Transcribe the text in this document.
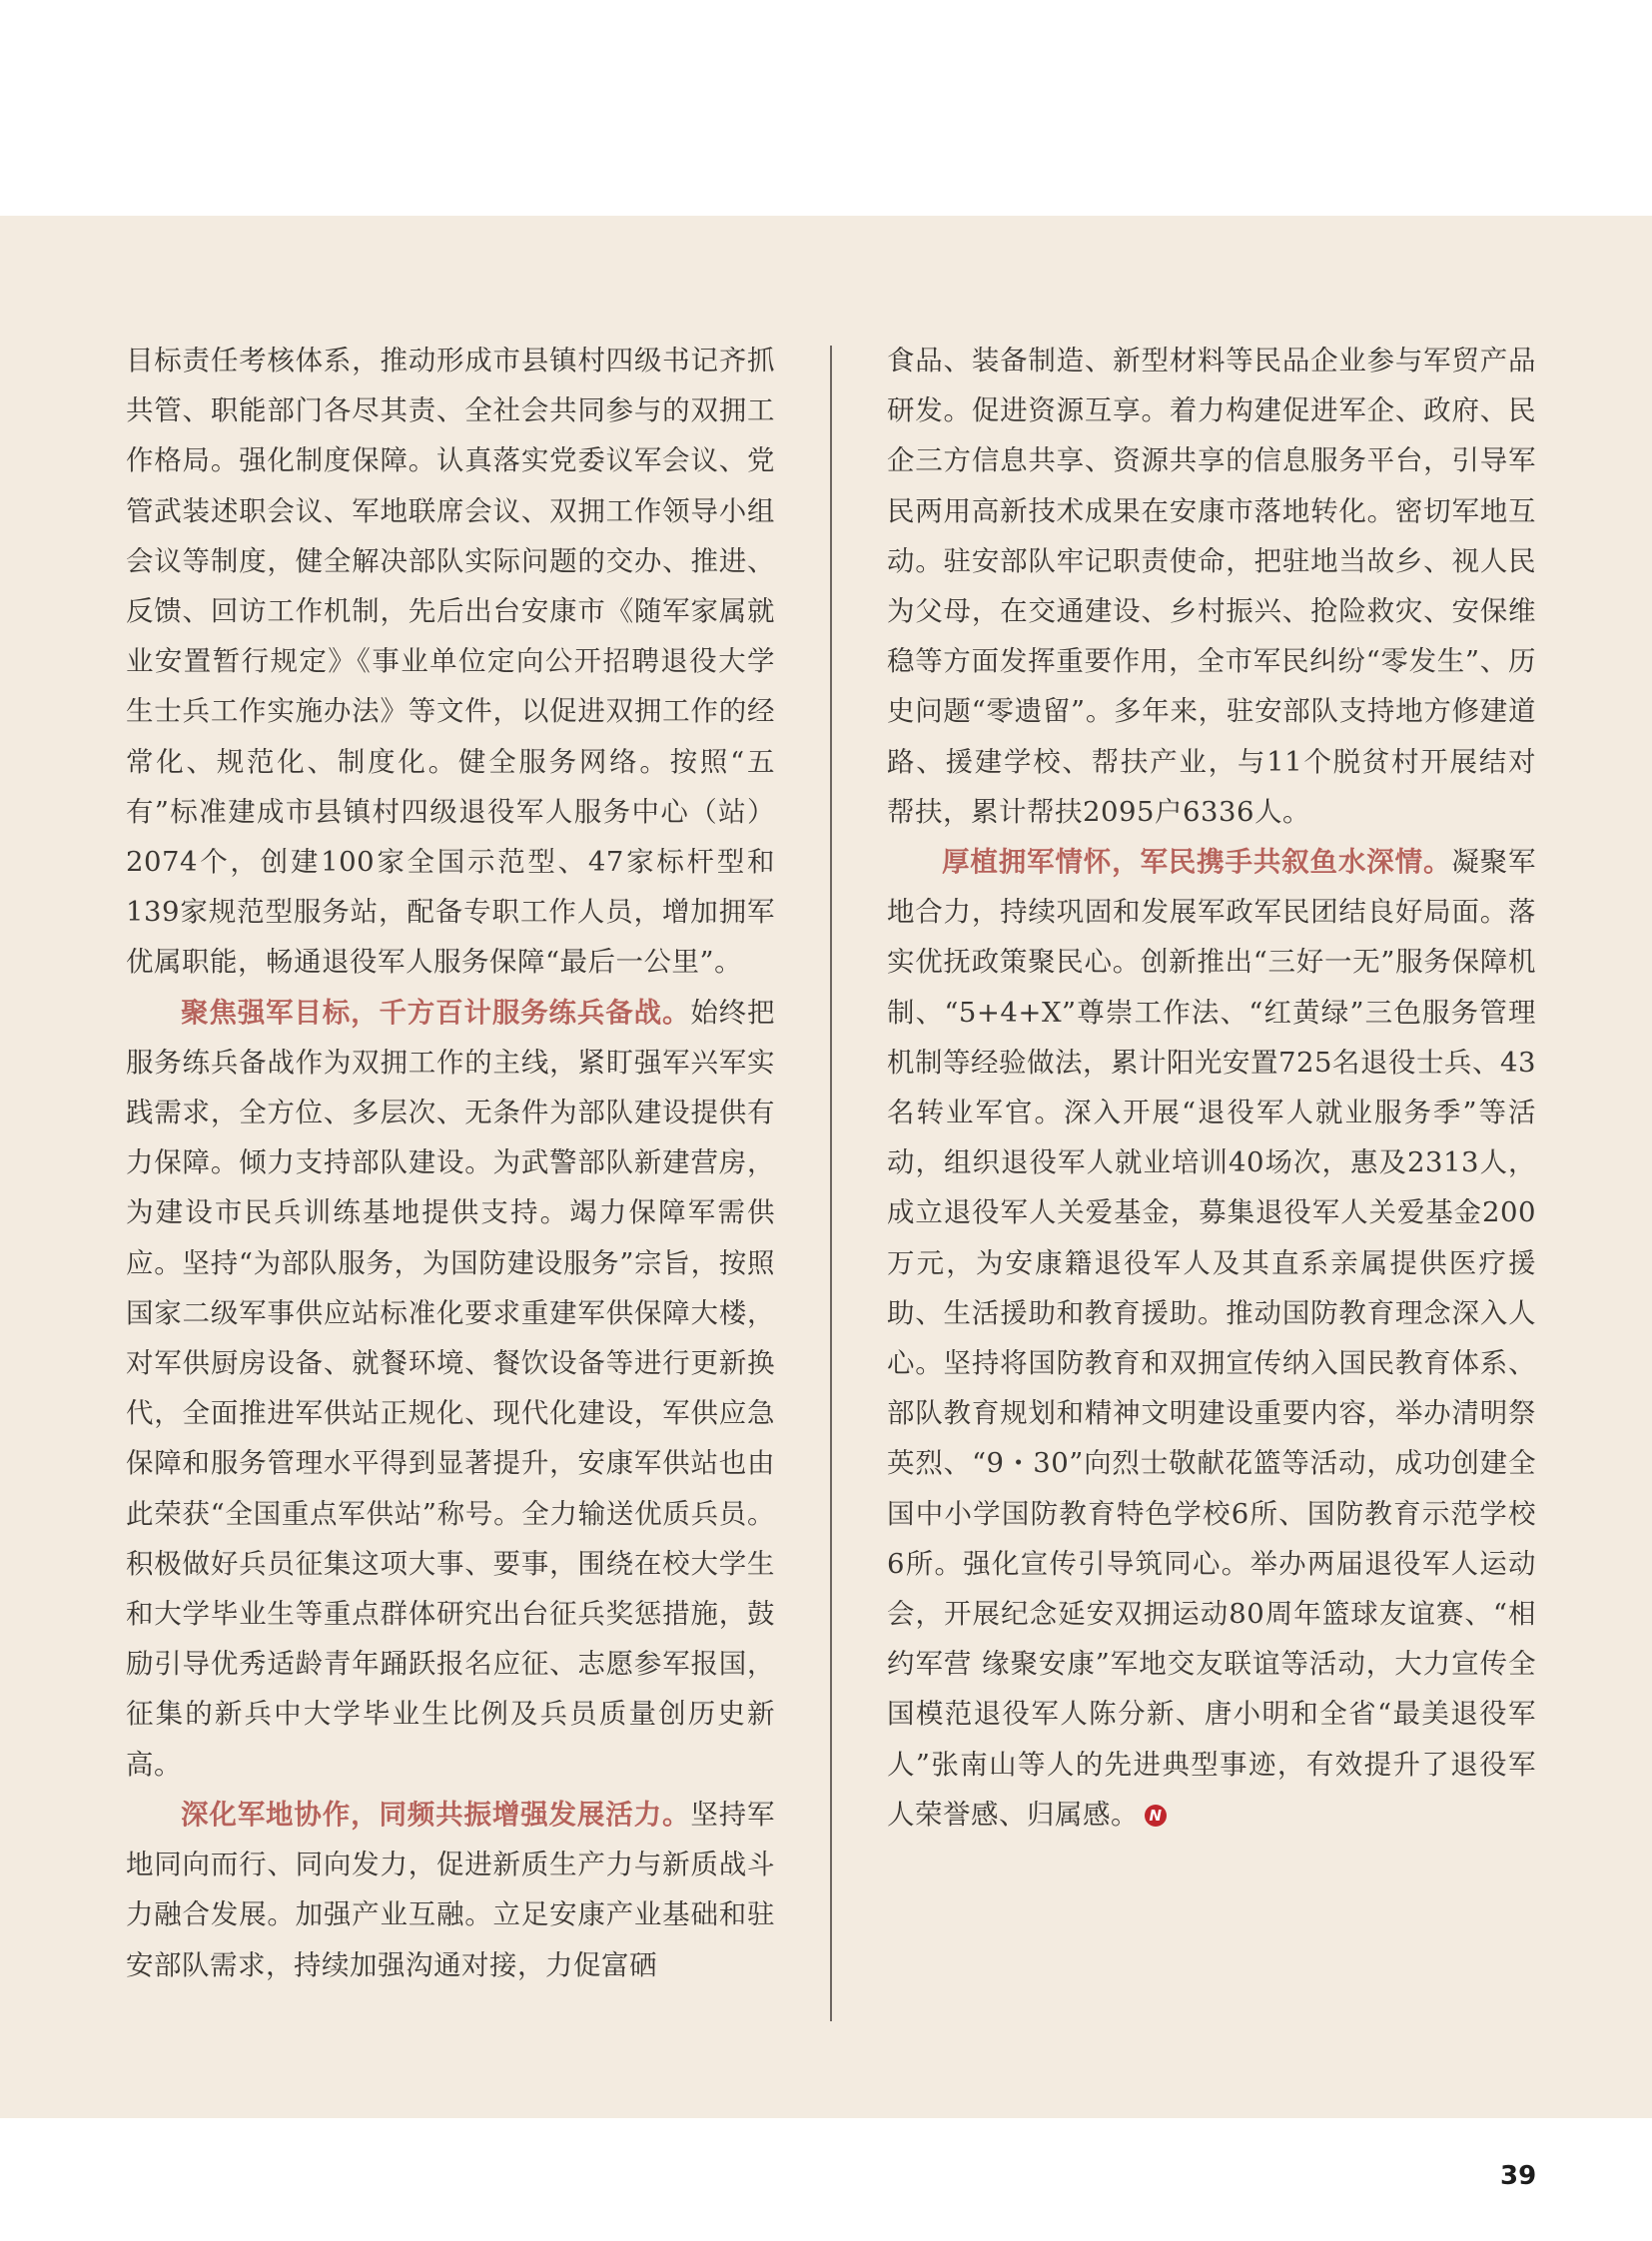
目标责任考核体系，推动形成市县镇村四级书记齐抓共管、职能部门各尽其责、全社会共同参与的双拥工作格局。强化制度保障。认真落实党委议军会议、党管武装述职会议、军地联席会议、双拥工作领导小组会议等制度，健全解决部队实际问题的交办、推进、反馈、回访工作机制，先后出台安康市《随军家属就业安置暂行规定》《事业单位定向公开招聘退役大学生士兵工作实施办法》等文件，以促进双拥工作的经常化、规范化、制度化。健全服务网络。按照“五有”标准建成市县镇村四级退役军人服务中心（站）2074个，创建100家全国示范型、47家标杆型和139家规范型服务站，配备专职工作人员，增加拥军优属职能，畅通退役军人服务保障“最后一公里”。

聚焦强军目标，千方百计服务练兵备战。始终把服务练兵备战作为双拥工作的主线，紧盯强军兴军实践需求，全方位、多层次、无条件为部队建设提供有力保障。倾力支持部队建设。为武警部队新建营房，为建设市民兵训练基地提供支持。竭力保障军需供应。坚持“为部队服务，为国防建设服务”宗旨，按照国家二级军事供应站标准化要求重建军供保障大楼，对军供厨房设备、就餐环境、餐饮设备等进行更新换代，全面推进军供站正规化、现代化建设，军供应急保障和服务管理水平得到显著提升，安康军供站也由此荣获“全国重点军供站”称号。全力输送优质兵员。积极做好兵员征集这项大事、要事，围绕在校大学生和大学毕业生等重点群体研究出台征兵奖惩措施，鼓励引导优秀适龄青年踊跃报名应征、志愿参军报国，征集的新兵中大学毕业生比例及兵员质量创历史新高。

深化军地协作，同频共振增强发展活力。坚持军地同向而行、同向发力，促进新质生产力与新质战斗力融合发展。加强产业互融。立足安康产业基础和驻安部队需求，持续加强沟通对接，力促富硒

食品、装备制造、新型材料等民品企业参与军贸产品研发。促进资源互享。着力构建促进军企、政府、民企三方信息共享、资源共享的信息服务平台，引导军民两用高新技术成果在安康市落地转化。密切军地互动。驻安部队牢记职责使命，把驻地当故乡、视人民为父母，在交通建设、乡村振兴、抢险救灾、安保维稳等方面发挥重要作用，全市军民纠纷“零发生”、历史问题“零遗留”。多年来，驻安部队支持地方修建道路、援建学校、帮扶产业，与11个脱贫村开展结对帮扶，累计帮扶2095户6336人。

厚植拥军情怀，军民携手共叙鱼水深情。凝聚军地合力，持续巩固和发展军政军民团结良好局面。落实优抚政策聚民心。创新推出“三好一无”服务保障机制、“5+4+X”尊崇工作法、“红黄绿”三色服务管理机制等经验做法，累计阳光安置725名退役士兵、43名转业军官。深入开展“退役军人就业服务季”等活动，组织退役军人就业培训40场次，惠及2313人，成立退役军人关爱基金，募集退役军人关爱基金200万元，为安康籍退役军人及其直系亲属提供医疗援助、生活援助和教育援助。推动国防教育理念深入人心。坚持将国防教育和双拥宣传纳入国民教育体系、部队教育规划和精神文明建设重要内容，举办清明祭英烈、“9・30”向烈士敬献花篮等活动，成功创建全国中小学国防教育特色学校6所、国防教育示范学校6所。强化宣传引导筑同心。举办两届退役军人运动会，开展纪念延安双拥运动80周年篮球友谊赛、“相约军营 缘聚安康”军地交友联谊等活动，大力宣传全国模范退役军人陈分新、唐小明和全省“最美退役军人”张南山等人的先进典型事迹，有效提升了退役军人荣誉感、归属感。 N

39
